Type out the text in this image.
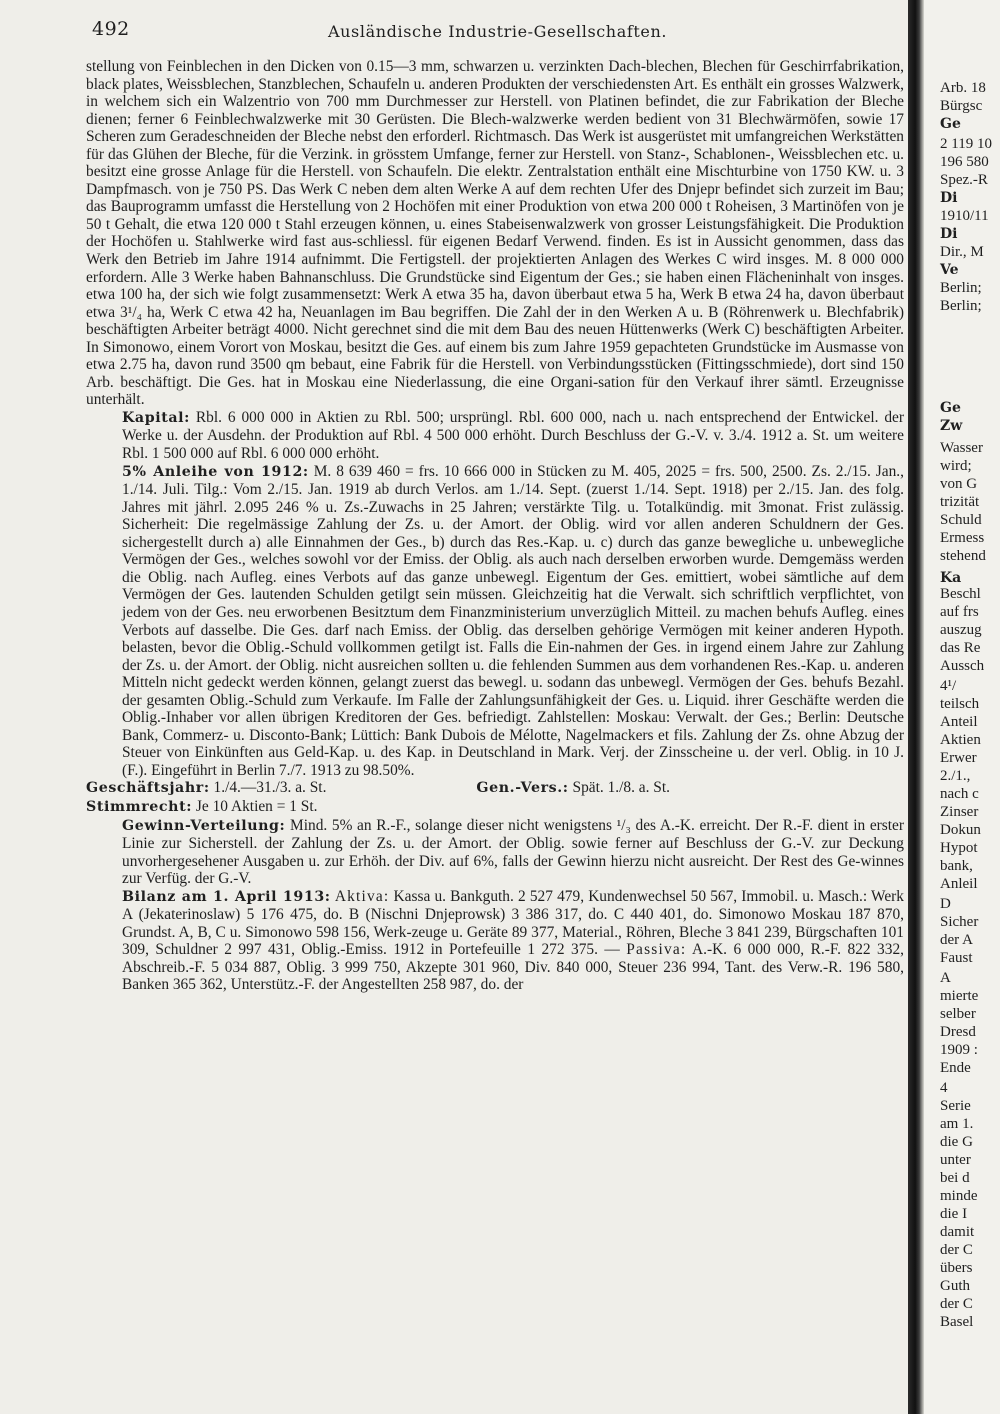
492	Ausländische Industrie-Gesellschaften.

stellung von Feinblechen in den Dicken von 0.15—3 mm, schwarzen u. verzinkten Dach-blechen, Blechen für Geschirrfabrikation, black plates, Weissblechen, Stanzblechen, Schaufeln u. anderen Produkten der verschiedensten Art. Es enthält ein grosses Walzwerk, in welchem sich ein Walzentrio von 700 mm Durchmesser zur Herstell. von Platinen befindet, die zur Fabrikation der Bleche dienen; ferner 6 Feinblechwalzwerke mit 30 Gerüsten. Die Blech-walzwerke werden bedient von 31 Blechwärmöfen, sowie 17 Scheren zum Geradeschneiden der Bleche nebst den erforderl. Richtmasch. Das Werk ist ausgerüstet mit umfangreichen Werkstätten für das Glühen der Bleche, für die Verzink. in grösstem Umfange, ferner zur Herstell. von Stanz-, Schablonen-, Weissblechen etc. u. besitzt eine grosse Anlage für die Herstell. von Schaufeln. Die elektr. Zentralstation enthält eine Mischturbine von 1750 KW. u. 3 Dampfmasch. von je 750 PS. Das Werk C neben dem alten Werke A auf dem rechten Ufer des Dnjepr befindet sich zurzeit im Bau; das Bauprogramm umfasst die Herstellung von 2 Hochöfen mit einer Produktion von etwa 200 000 t Roheisen, 3 Martinöfen von je 50 t Gehalt, die etwa 120 000 t Stahl erzeugen können, u. eines Stabeisenwalzwerk von grosser Leistungsfähigkeit. Die Produktion der Hochöfen u. Stahlwerke wird fast aus-schliessl. für eigenen Bedarf Verwend. finden. Es ist in Aussicht genommen, dass das Werk den Betrieb im Jahre 1914 aufnimmt. Die Fertigstell. der projektierten Anlagen des Werkes C wird insges. M. 8 000 000 erfordern. Alle 3 Werke haben Bahnanschluss. Die Grundstücke sind Eigentum der Ges.; sie haben einen Flächeninhalt von insges. etwa 100 ha, der sich wie folgt zusammensetzt: Werk A etwa 35 ha, davon überbaut etwa 5 ha, Werk B etwa 24 ha, davon überbaut etwa 3¹/₄ ha, Werk C etwa 42 ha, Neuanlagen im Bau begriffen. Die Zahl der in den Werken A u. B (Röhrenwerk u. Blechfabrik) beschäftigten Arbeiter beträgt 4000. Nicht gerechnet sind die mit dem Bau des neuen Hüttenwerks (Werk C) beschäftigten Arbeiter. In Simonowo, einem Vorort von Moskau, besitzt die Ges. auf einem bis zum Jahre 1959 gepachteten Grundstücke im Ausmasse von etwa 2.75 ha, davon rund 3500 qm bebaut, eine Fabrik für die Herstell. von Verbindungsstücken (Fittingsschmiede), dort sind 150 Arb. beschäftigt. Die Ges. hat in Moskau eine Niederlassung, die eine Organi-sation für den Verkauf ihrer sämtl. Erzeugnisse unterhält.

Kapital: Rbl. 6 000 000 in Aktien zu Rbl. 500; ursprüngl. Rbl. 600 000, nach u. nach entsprechend der Entwickel. der Werke u. der Ausdehn. der Produktion auf Rbl. 4 500 000 erhöht. Durch Beschluss der G.-V. v. 3./4. 1912 a. St. um weitere Rbl. 1 500 000 auf Rbl. 6 000 000 erhöht.

5% Anleihe von 1912: M. 8 639 460 = frs. 10 666 000 in Stücken zu M. 405, 2025 = frs. 500, 2500. Zs. 2./15. Jan., 1./14. Juli. Tilg.: Vom 2./15. Jan. 1919 ab durch Verlos. am 1./14. Sept. (zuerst 1./14. Sept. 1918) per 2./15. Jan. des folg. Jahres mit jährl. 2.095 246 % u. Zs.-Zuwachs in 25 Jahren; verstärkte Tilg. u. Totalkündig. mit 3monat. Frist zulässig. Sicherheit: Die regelmässige Zahlung der Zs. u. der Amort. der Oblig. wird vor allen anderen Schuldnern der Ges. sichergestellt durch a) alle Einnahmen der Ges., b) durch das Res.-Kap. u. c) durch das ganze bewegliche u. unbewegliche Vermögen der Ges., welches sowohl vor der Emiss. der Oblig. als auch nach derselben erworben wurde. Demgemäss werden die Oblig. nach Aufleg. eines Verbots auf das ganze unbewegl. Eigentum der Ges. emittiert, wobei sämtliche auf dem Vermögen der Ges. lautenden Schulden getilgt sein müssen. Gleichzeitig hat die Verwalt. sich schriftlich verpflichtet, von jedem von der Ges. neu erworbenen Besitztum dem Finanzministerium unverzüglich Mitteil. zu machen behufs Aufleg. eines Verbots auf dasselbe. Die Ges. darf nach Emiss. der Oblig. das derselben gehörige Vermögen mit keiner anderen Hypoth. belasten, bevor die Oblig.-Schuld vollkommen getilgt ist. Falls die Ein-nahmen der Ges. in irgend einem Jahre zur Zahlung der Zs. u. der Amort. der Oblig. nicht ausreichen sollten u. die fehlenden Summen aus dem vorhandenen Res.-Kap. u. anderen Mitteln nicht gedeckt werden können, gelangt zuerst das bewegl. u. sodann das unbewegl. Vermögen der Ges. behufs Bezahl. der gesamten Oblig.-Schuld zum Verkaufe. Im Falle der Zahlungsunfähigkeit der Ges. u. Liquid. ihrer Geschäfte werden die Oblig.-Inhaber vor allen übrigen Kreditoren der Ges. befriedigt. Zahlstellen: Moskau: Verwalt. der Ges.; Berlin: Deutsche Bank, Commerz- u. Disconto-Bank; Lüttich: Bank Dubois de Mélotte, Nagelmackers et fils. Zahlung der Zs. ohne Abzug der Steuer von Einkünften aus Geld-Kap. u. des Kap. in Deutschland in Mark. Verj. der Zinsscheine u. der verl. Oblig. in 10 J. (F.). Eingeführt in Berlin 7./7. 1913 zu 98.50%.

Geschäftsjahr: 1./4.—31./3. a. St.	Gen.-Vers.: Spät. 1./8. a. St.

Stimmrecht: Je 10 Aktien = 1 St.

Gewinn-Verteilung: Mind. 5% an R.-F., solange dieser nicht wenigstens ¹/₃ des A.-K. erreicht. Der R.-F. dient in erster Linie zur Sicherstell. der Zahlung der Zs. u. der Amort. der Oblig. sowie ferner auf Beschluss der G.-V. zur Deckung unvorhergesehener Ausgaben u. zur Erhöh. der Div. auf 6%, falls der Gewinn hierzu nicht ausreicht. Der Rest des Ge-winnes zur Verfüg. der G.-V.

Bilanz am 1. April 1913: Aktiva: Kassa u. Bankguth. 2 527 479, Kundenwechsel 50 567, Immobil. u. Masch.: Werk A (Jekaterinoslaw) 5 176 475, do. B (Nischni Dnjeprowsk) 3 386 317, do. C 440 401, do. Simonowo Moskau 187 870, Grundst. A, B, C u. Simonowo 598 156, Werk-zeuge u. Geräte 89 377, Material., Röhren, Bleche 3 841 239, Bürgschaften 101 309, Schuldner 2 997 431, Oblig.-Emiss. 1912 in Portefeuille 1 272 375. — Passiva: A.-K. 6 000 000, R.-F. 822 332, Abschreib.-F. 5 034 887, Oblig. 3 999 750, Akzepte 301 960, Div. 840 000, Steuer 236 994, Tant. des Verw.-R. 196 580, Banken 365 362, Unterstütz.-F. der Angestellten 258 987, do. der

Arb. 18
Bürgsc
Ge
2 119 10
196 580
Spez.-R
Di
1910/11
Di
Dir., M
Ve
Berlin;
Berlin;
Ge
Zw
Wasser
wird;
von G
trizität
Schuld
Ermess
stehend
Ka
Beschl
auf frs
auszug
das Re
Aussch
4¹/
teilsch
Anteil
Aktien
Erwer
2./1.,
nach c
Zinser
Dokun
Hypot
bank,
Anleil
D
Sicher
der A
Faust
A
mierte
selber
Dresd
1909 :
Ende
4
Serie
am 1.
die G
unter
bei d
minde
die I
damit
der C
übers
Guth
der C
Basel
